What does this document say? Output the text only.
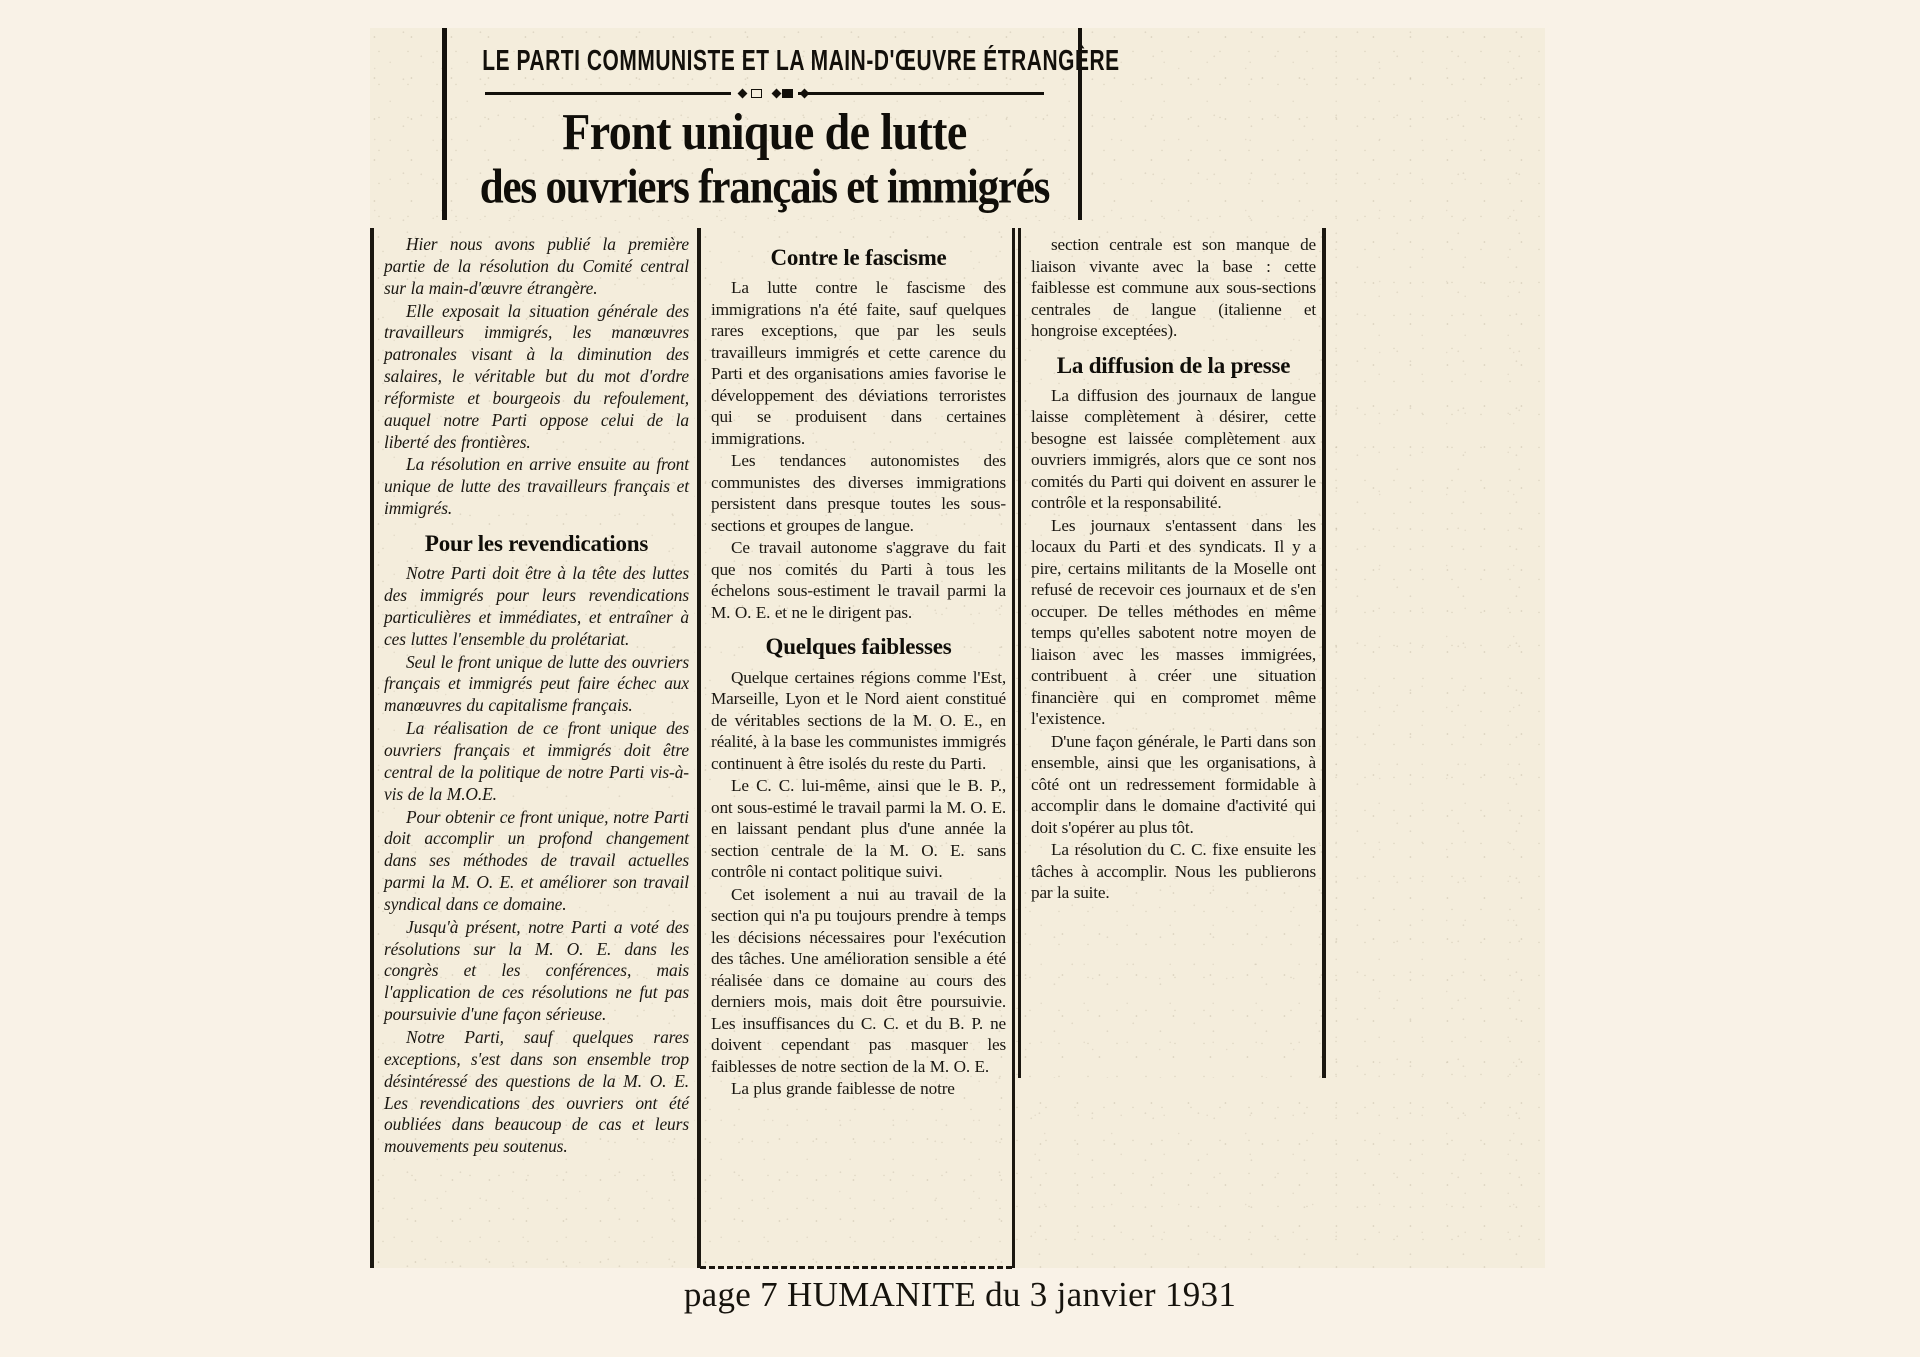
LE PARTI COMMUNISTE ET LA MAIN-D'ŒUVRE ÉTRANGÈRE
Front unique de lutte
des ouvriers français et immigrés

Hier nous avons publié la première partie de la résolution du Comité central sur la main-d'œuvre étrangère.

Elle exposait la situation générale des travailleurs immigrés, les manœuvres patronales visant à la diminution des salaires, le véritable but du mot d'ordre réformiste et bourgeois du refoulement, auquel notre Parti oppose celui de la liberté des frontières.

La résolution en arrive ensuite au front unique de lutte des travailleurs français et immigrés.

Pour les revendications

Notre Parti doit être à la tête des luttes des immigrés pour leurs revendications particulières et immédiates, et entraîner à ces luttes l'ensemble du prolétariat.

Seul le front unique de lutte des ouvriers français et immigrés peut faire échec aux manœuvres du capitalisme français.

La réalisation de ce front unique des ouvriers français et immigrés doit être central de la politique de notre Parti vis-à-vis de la M.O.E.

Pour obtenir ce front unique, notre Parti doit accomplir un profond changement dans ses méthodes de travail actuelles parmi la M. O. E. et améliorer son travail syndical dans ce domaine.

Jusqu'à présent, notre Parti a voté des résolutions sur la M. O. E. dans les congrès et les conférences, mais l'application de ces résolutions ne fut pas poursuivie d'une façon sérieuse.

Notre Parti, sauf quelques rares exceptions, s'est dans son ensemble trop désintéressé des questions de la M. O. E. Les revendications des ouvriers ont été oubliées dans beaucoup de cas et leurs mouvements peu soutenus.

Contre le fascisme

La lutte contre le fascisme des immigrations n'a été faite, sauf quelques rares exceptions, que par les seuls travailleurs immigrés et cette carence du Parti et des organisations amies favorise le développement des déviations terroristes qui se produisent dans certaines immigrations.

Les tendances autonomistes des communistes des diverses immigrations persistent dans presque toutes les sous-sections et groupes de langue.

Ce travail autonome s'aggrave du fait que nos comités du Parti à tous les échelons sous-estiment le travail parmi la M. O. E. et ne le dirigent pas.

Quelques faiblesses

Quelque certaines régions comme l'Est, Marseille, Lyon et le Nord aient constitué de véritables sections de la M. O. E., en réalité, à la base les communistes immigrés continuent à être isolés du reste du Parti.

Le C. C. lui-même, ainsi que le B. P., ont sous-estimé le travail parmi la M. O. E. en laissant pendant plus d'une année la section centrale de la M. O. E. sans contrôle ni contact politique suivi.

Cet isolement a nui au travail de la section qui n'a pu toujours prendre à temps les décisions nécessaires pour l'exécution des tâches. Une amélioration sensible a été réalisée dans ce domaine au cours des derniers mois, mais doit être poursuivie. Les insuffisances du C. C. et du B. P. ne doivent cependant pas masquer les faiblesses de notre section de la M. O. E.

La plus grande faiblesse de notre

section centrale est son manque de liaison vivante avec la base : cette faiblesse est commune aux sous-sections centrales de langue (italienne et hongroise exceptées).

La diffusion de la presse

La diffusion des journaux de langue laisse complètement à désirer, cette besogne est laissée complètement aux ouvriers immigrés, alors que ce sont nos comités du Parti qui doivent en assurer le contrôle et la responsabilité.

Les journaux s'entassent dans les locaux du Parti et des syndicats. Il y a pire, certains militants de la Moselle ont refusé de recevoir ces journaux et de s'en occuper. De telles méthodes en même temps qu'elles sabotent notre moyen de liaison avec les masses immigrées, contribuent à créer une situation financière qui en compromet même l'existence.

D'une façon générale, le Parti dans son ensemble, ainsi que les organisations, à côté ont un redressement formidable à accomplir dans le domaine d'activité qui doit s'opérer au plus tôt.

La résolution du C. C. fixe ensuite les tâches à accomplir. Nous les publierons par la suite.

page 7 HUMANITE du 3 janvier 1931
